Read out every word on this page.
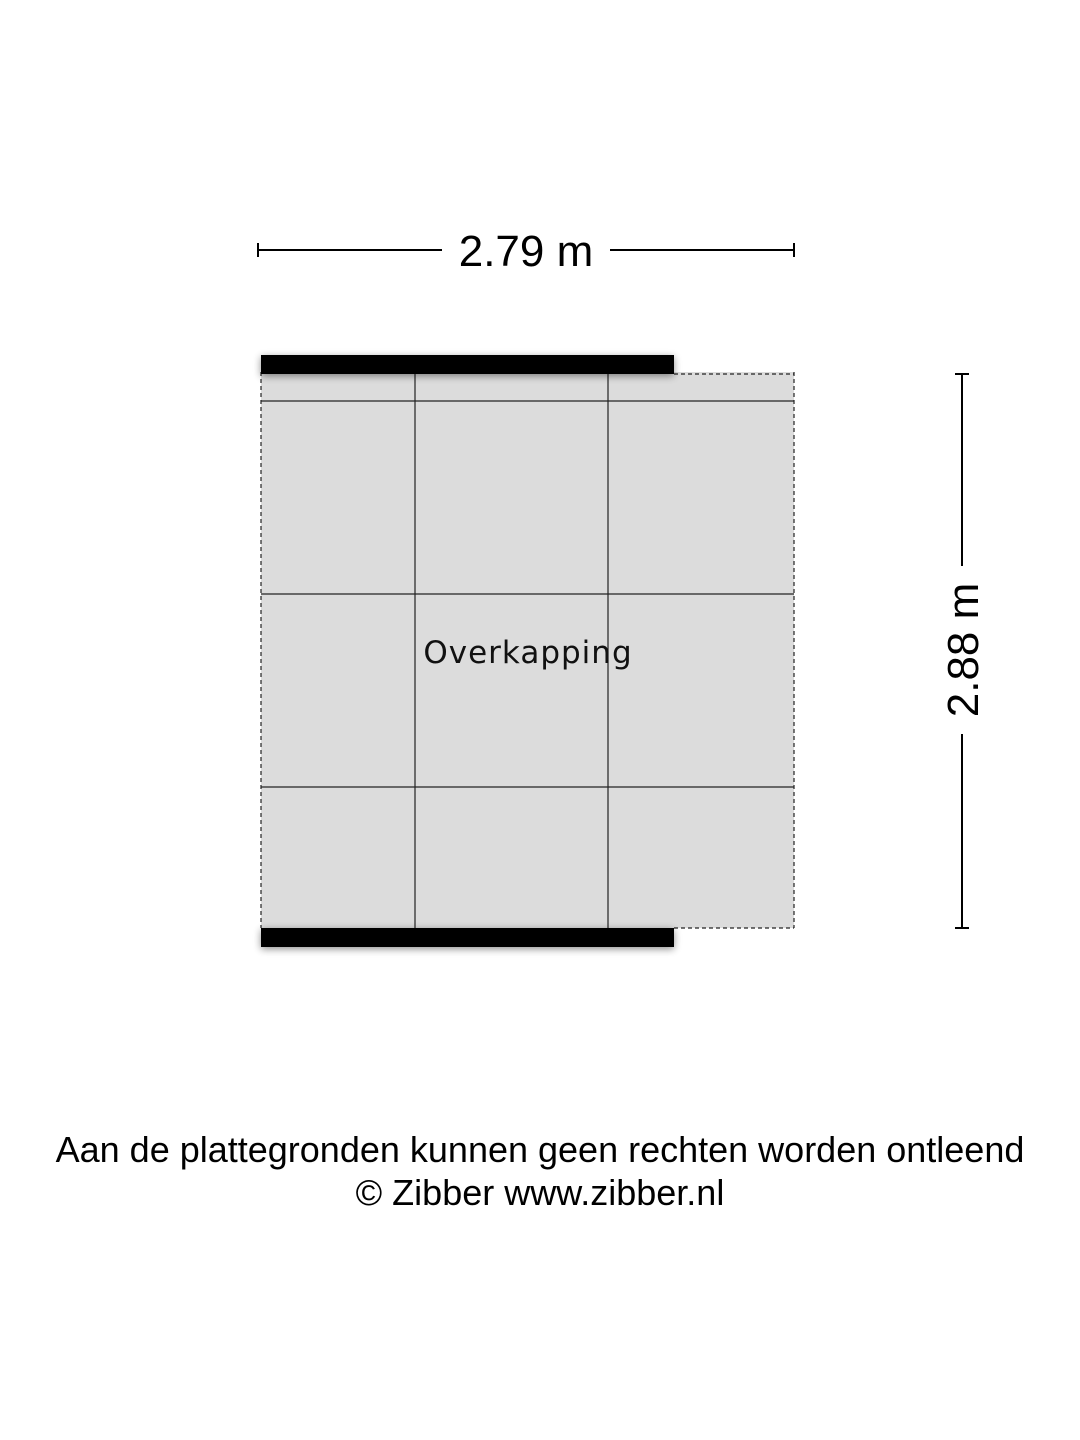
2.79 m
Overkapping	2.88 m
Aan de plattegronden kunnen geen rechten worden ontleend
© Zibber www.zibber.nl
